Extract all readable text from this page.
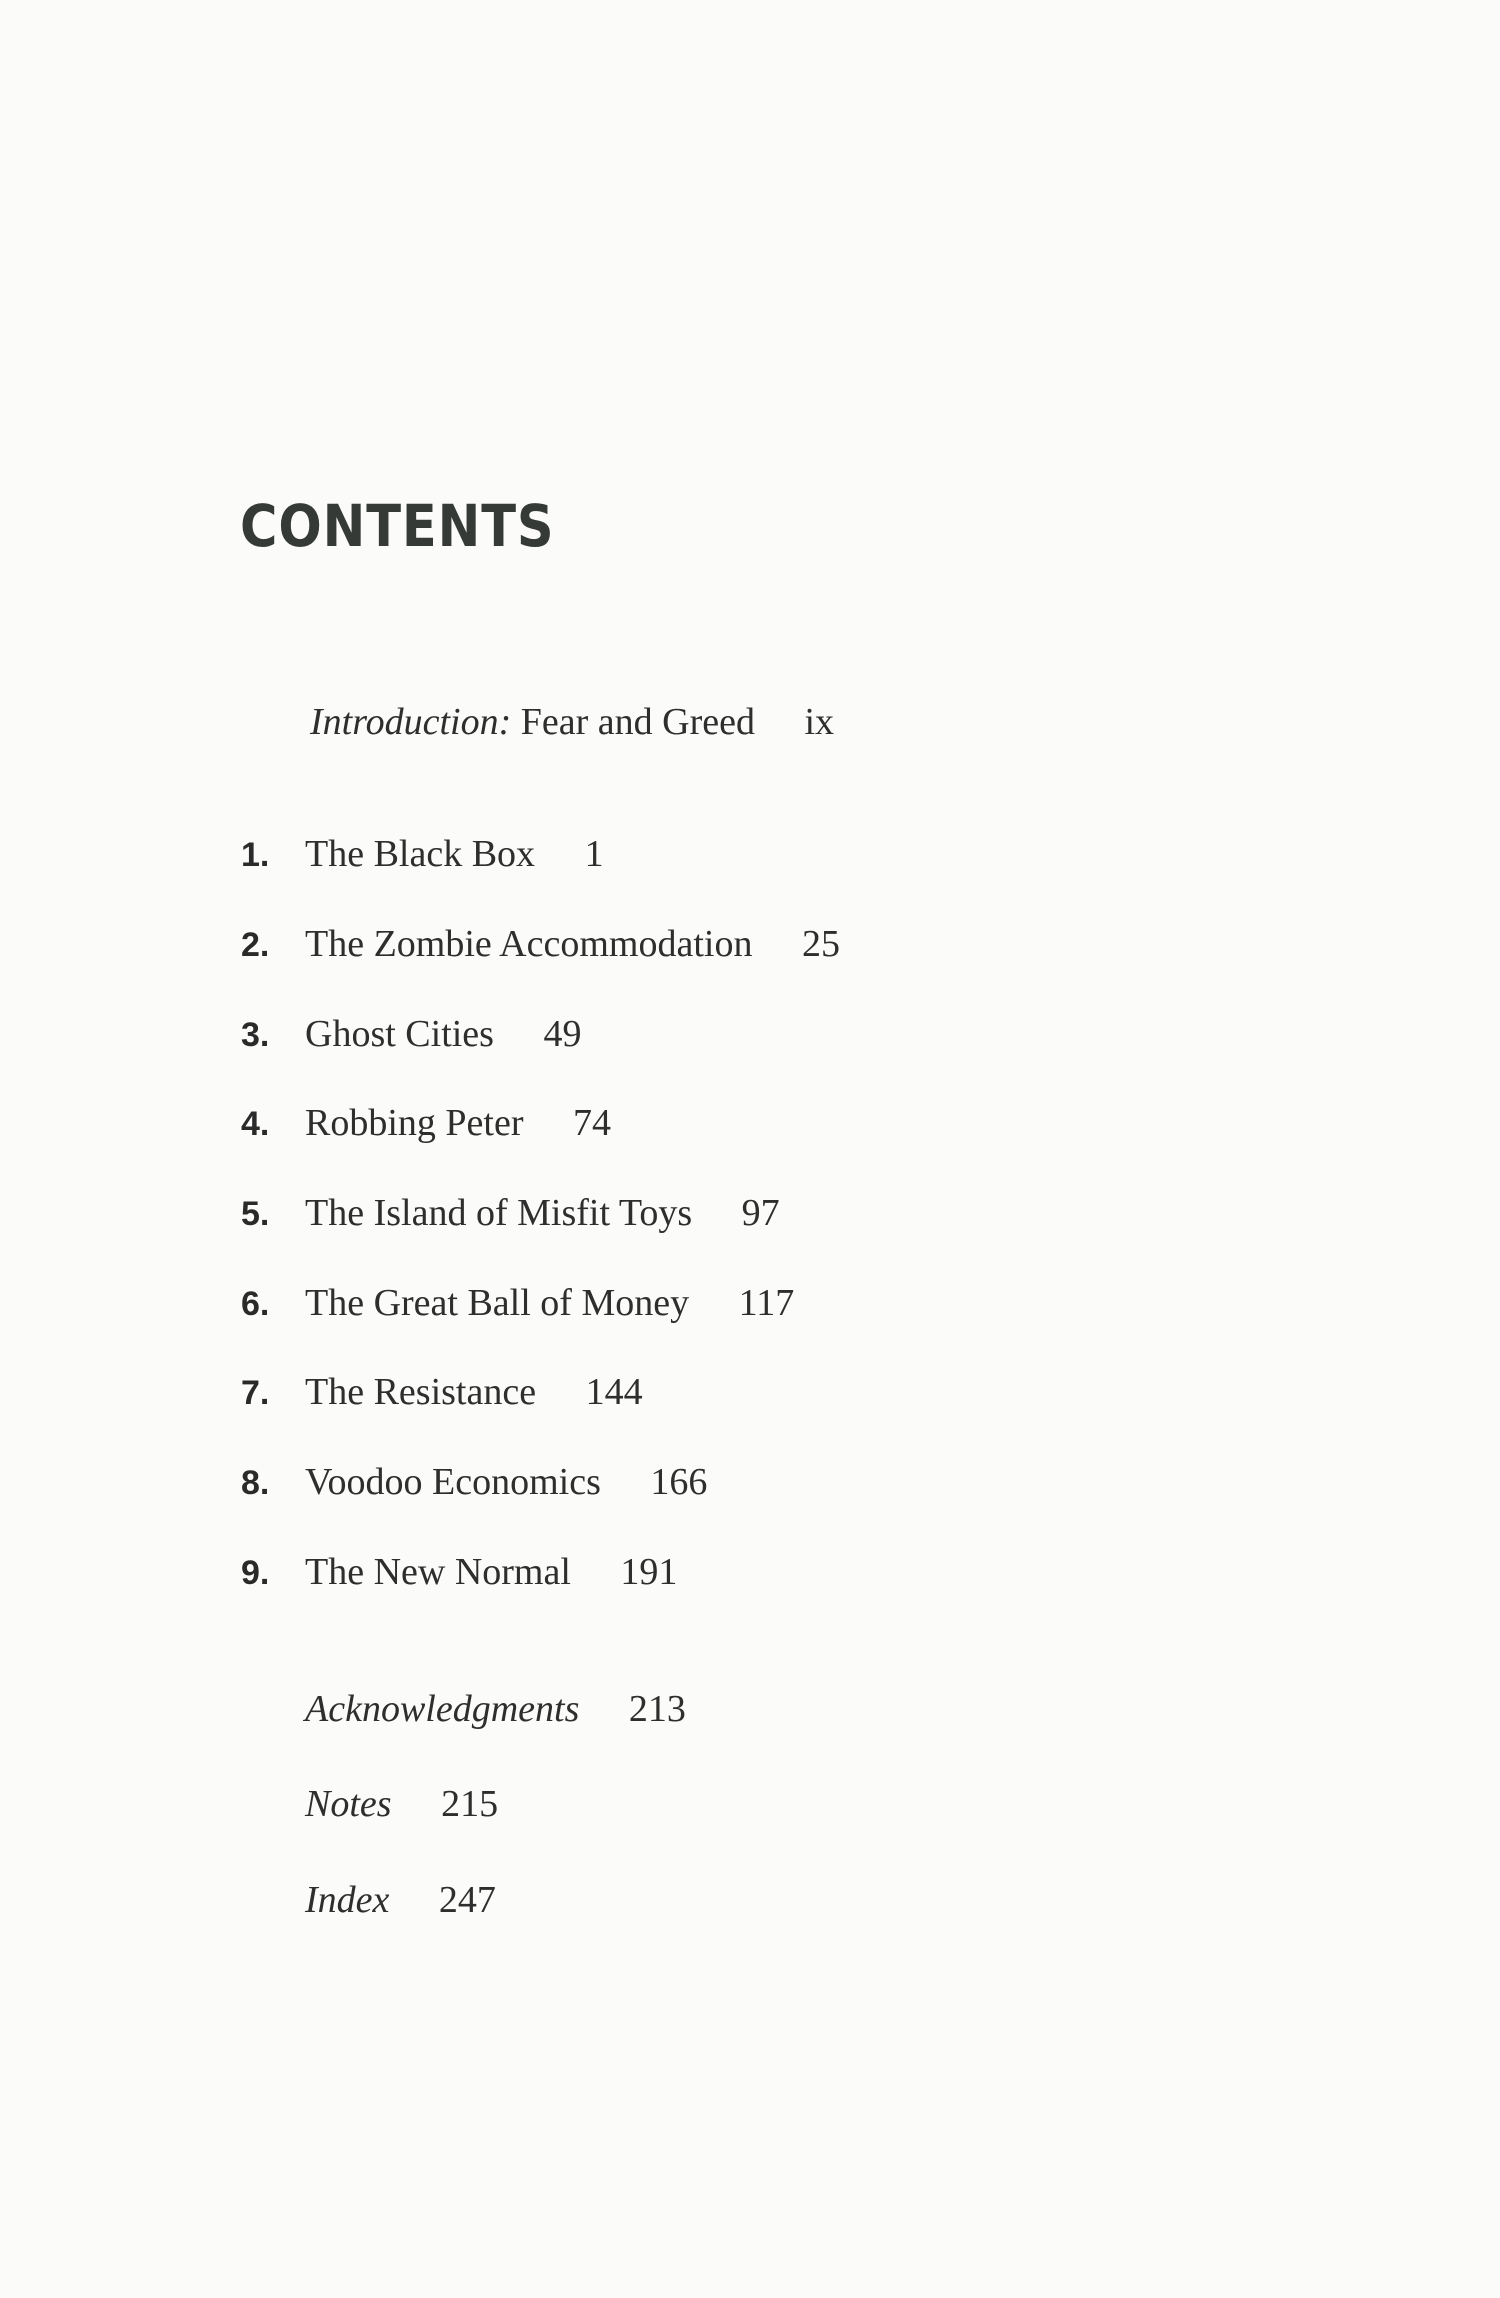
CONTENTS
Introduction: Fear and Greed ix
1. The Black Box 1
2. The Zombie Accommodation 25
3. Ghost Cities 49
4. Robbing Peter 74
5. The Island of Misfit Toys 97
6. The Great Ball of Money 117
7. The Resistance 144
8. Voodoo Economics 166
9. The New Normal 191
Acknowledgments 213
Notes 215
Index 247
